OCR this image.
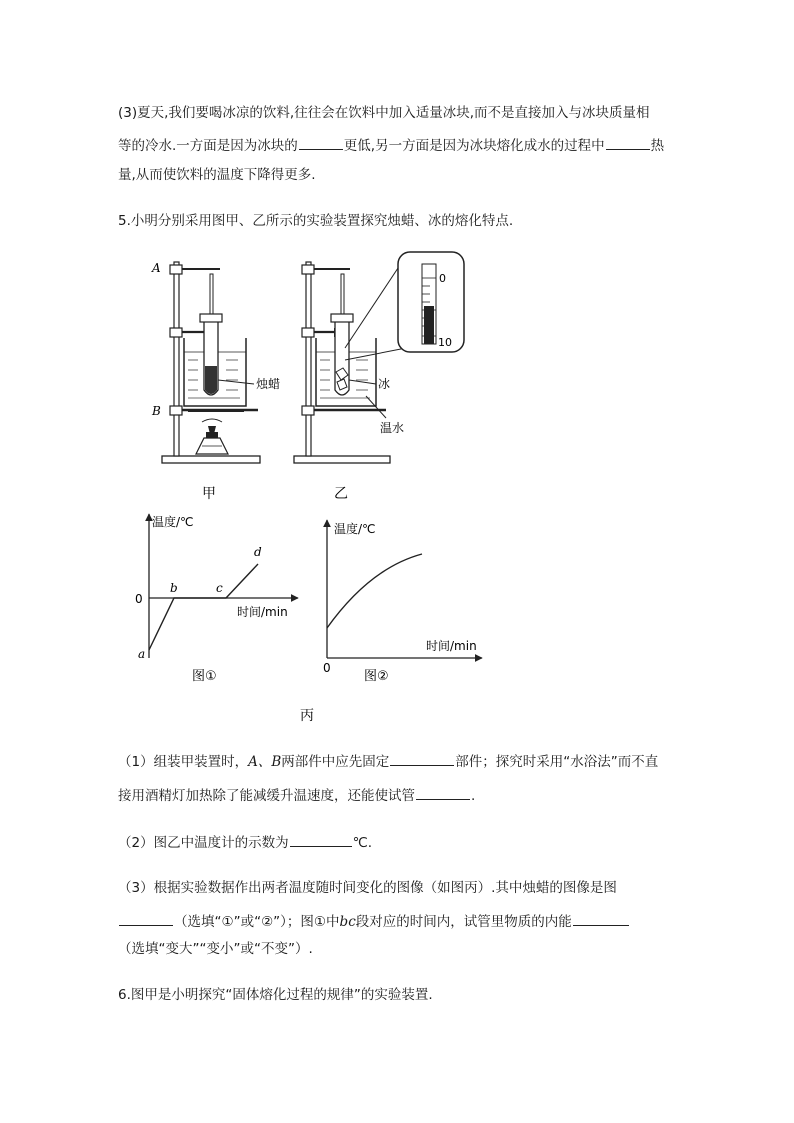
(3)夏天,我们要喝冰凉的饮料,往往会在饮料中加入适量冰块,而不是直接加入与冰块质量相
等的冷水.一方面是因为冰块的	更低,另一方面是因为冰块熔化成水的过程中	热
量,从而使饮料的温度下降得更多.
5.小明分别采用图甲、乙所示的实验装置探究烛蜡、冰的熔化特点.
A
B
烛蜡
甲
0
10
冰
温水
乙
温度/℃
时间/min
0
a
b	c
d
图①
温度/℃
时间/min
0
图②
丙
（1）组装甲装置时，A、B两部件中应先固定	部件；探究时采用“水浴法”而不直
接用酒精灯加热除了能减缓升温速度，还能使试管	.
（2）图乙中温度计的示数为	℃.
（3）根据实验数据作出两者温度随时间变化的图像（如图丙）.其中烛蜡的图像是图
（选填“①”或“②”）；图①中bc段对应的时间内，试管里物质的内能
（选填“变大”“变小”或“不变”）.
6.图甲是小明探究“固体熔化过程的规律”的实验装置.
